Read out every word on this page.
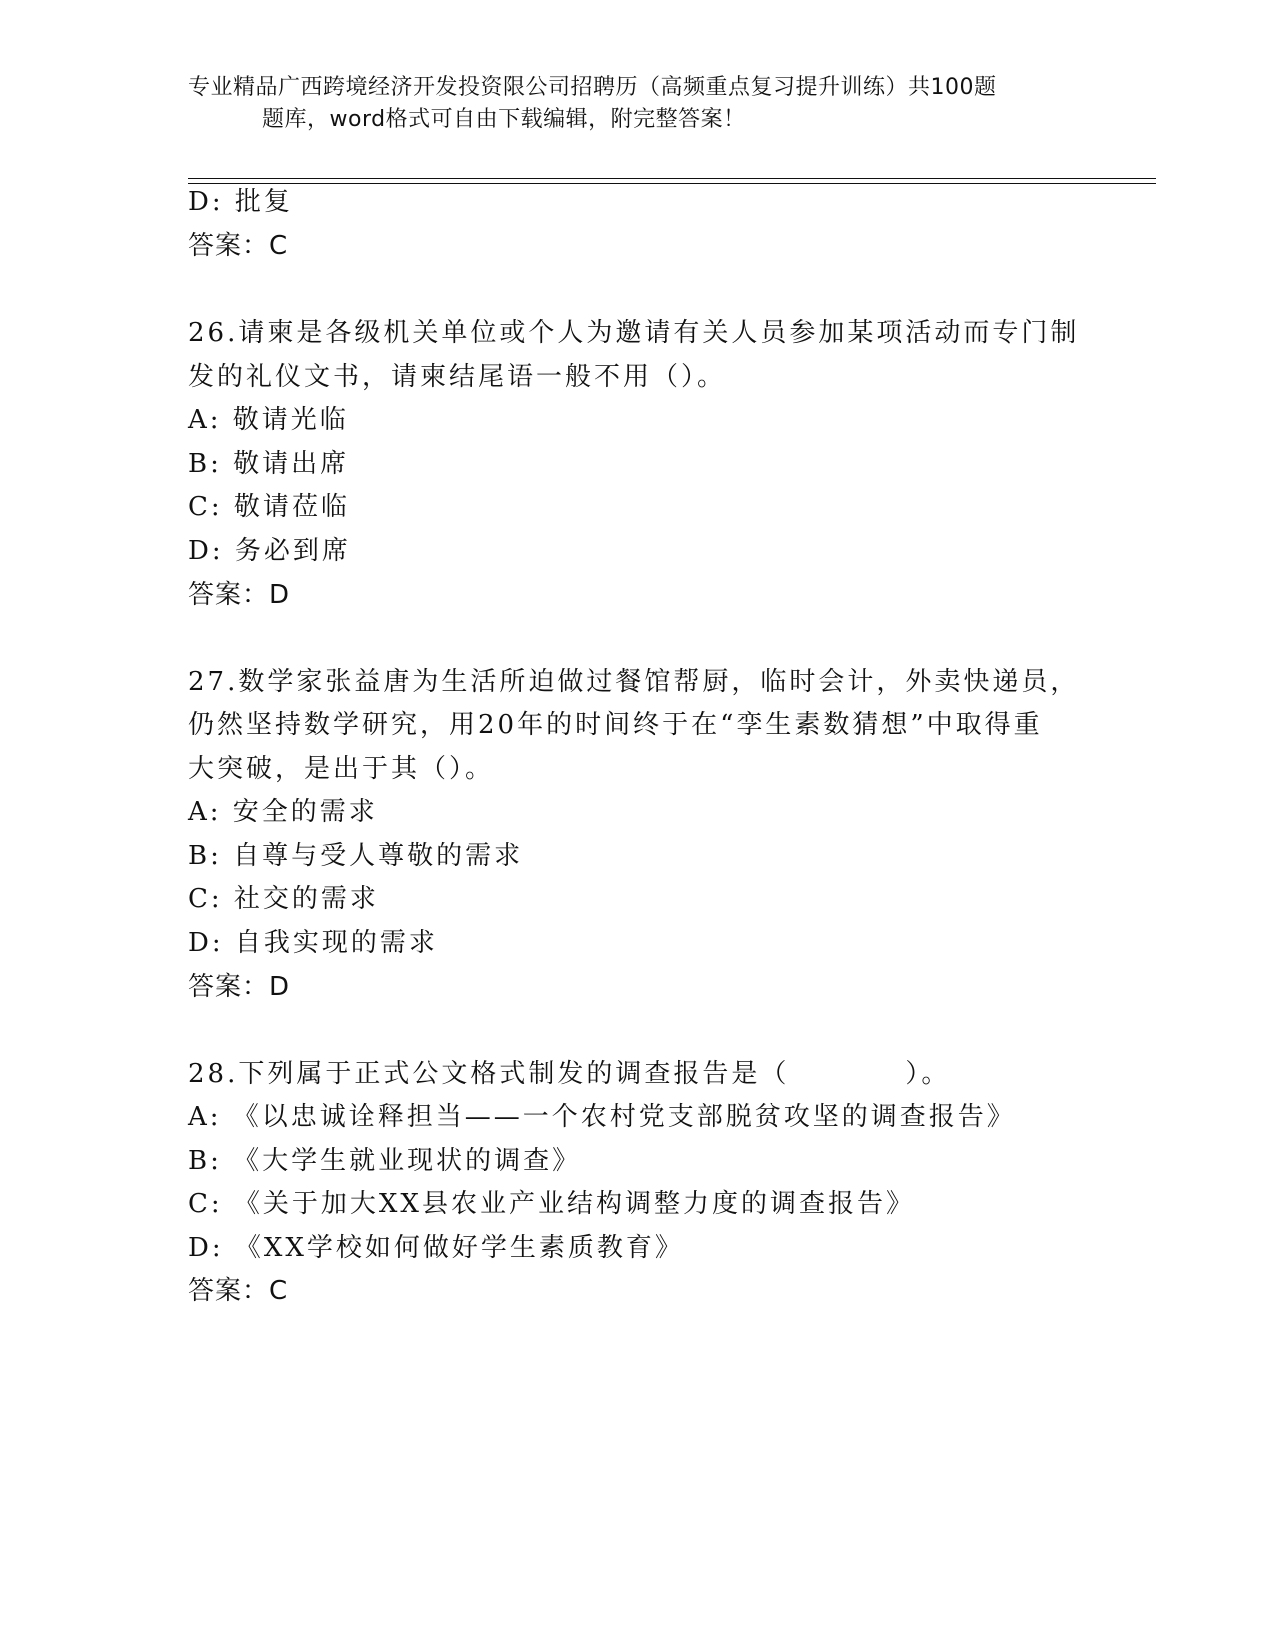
专业精品广西跨境经济开发投资限公司招聘历（高频重点复习提升训练）共100题
题库，word格式可自由下载编辑，附完整答案！
D: 批复
答案：C
26.请柬是各级机关单位或个人为邀请有关人员参加某项活动而专门制
发的礼仪文书，请柬结尾语一般不用（）。
A: 敬请光临
B: 敬请出席
C: 敬请莅临
D: 务必到席
答案：D
27.数学家张益唐为生活所迫做过餐馆帮厨，临时会计，外卖快递员，
仍然坚持数学研究，用20年的时间终于在“孪生素数猜想”中取得重
大突破，是出于其（）。
A: 安全的需求
B: 自尊与受人尊敬的需求
C: 社交的需求
D: 自我实现的需求
答案：D
28.下列属于正式公文格式制发的调查报告是（	）。
A: 《以忠诚诠释担当——一个农村党支部脱贫攻坚的调查报告》
B: 《大学生就业现状的调查》
C: 《关于加大XX县农业产业结构调整力度的调查报告》
D: 《XX学校如何做好学生素质教育》
答案：C
